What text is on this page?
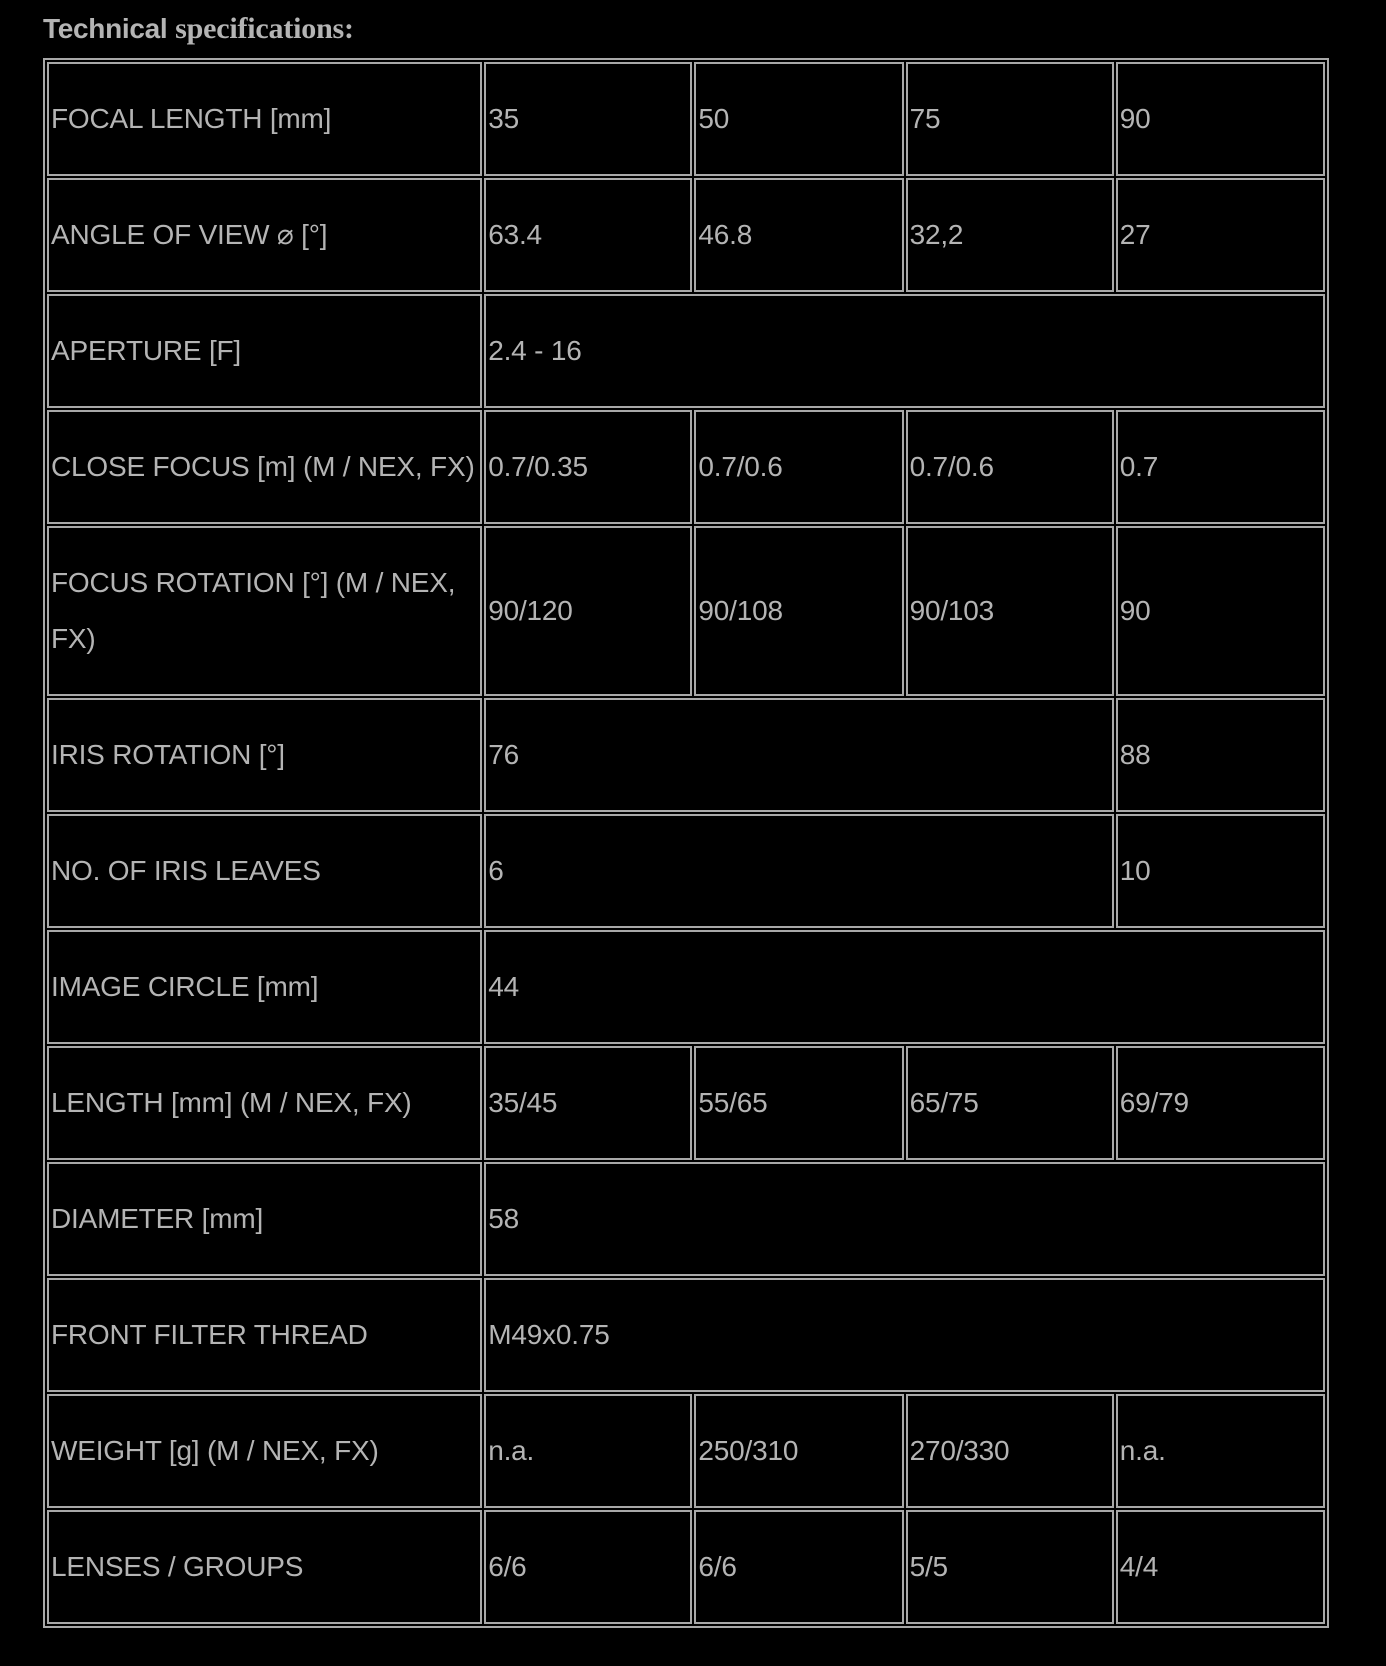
Technical specifications:
FOCAL LENGTH [mm]	35	50	75	90
ANGLE OF VIEW ⌀ [°]	63.4	46.8	32,2	27
APERTURE [F]	2.4 - 16			
CLOSE FOCUS [m] (M / NEX, FX)	0.7/0.35	0.7/0.6	0.7/0.6	0.7
FOCUS ROTATION [°] (M / NEX, FX)	90/120	90/108	90/103	90
IRIS ROTATION [°]	76			88
NO. OF IRIS LEAVES	6			10
IMAGE CIRCLE [mm]	44			
LENGTH [mm] (M / NEX, FX)	35/45	55/65	65/75	69/79
DIAMETER [mm]	58			
FRONT FILTER THREAD	M49x0.75			
WEIGHT [g] (M / NEX, FX)	n.a.	250/310	270/330	n.a.
LENSES / GROUPS	6/6	6/6	5/5	4/4
